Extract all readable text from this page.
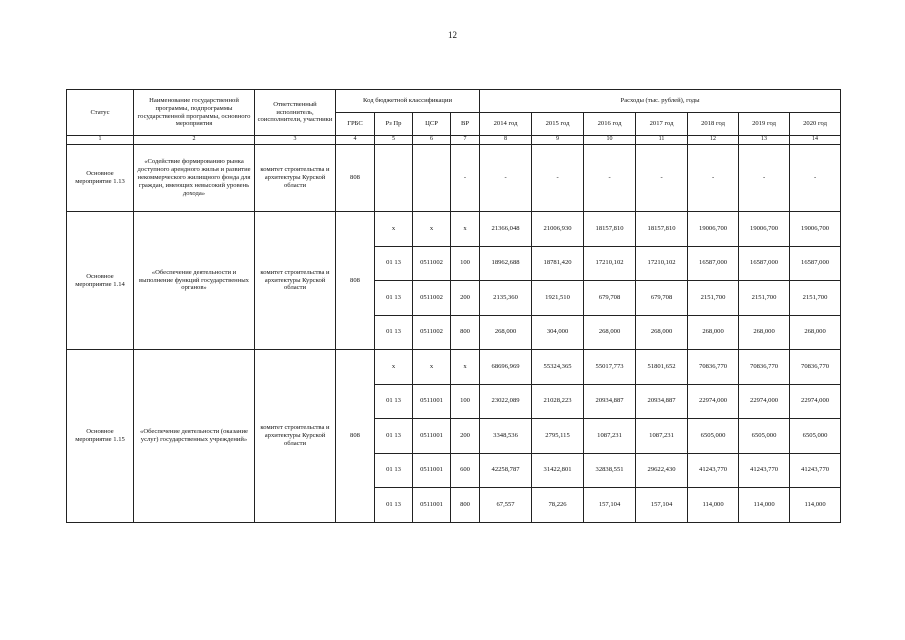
12
Статус	Наименование государственной программы, подпрограммы государственной программы, основного мероприятия	Ответственный исполнитель, соисполнители, участники	Код бюджетной классификации				Расходы (тыс. рублей), годы						
			ГРБС	Рз Пр	ЦСР	ВР	2014 год	2015 год	2016 год	2017 год	2018 год	2019 год	2020 год
1	2	3	4	5	6	7	8	9	10	11	12	13	14
Основное мероприятие 1.13	«Содействие формированию рынка доступного арендного жилья и развитие некоммерческого жилищного фонда для граждан, имеющих невысокий уровень дохода»	комитет строительства и архитектуры Курской области	808			-	-	-	-	-	-	-	-
Основное мероприятие 1.14	«Обеспечение деятельности и выполнение функций государственных органов»	комитет строительства и архитектуры Курской области	808	х	х	х	21366,048	21006,930	18157,810	18157,810	19006,700	19006,700	19006,700
				01 13	0511002	100	18962,688	18781,420	17210,102	17210,102	16587,000	16587,000	16587,000
				01 13	0511002	200	2135,360	1921,510	679,708	679,708	2151,700	2151,700	2151,700
				01 13	0511002	800	268,000	304,000	268,000	268,000	268,000	268,000	268,000
Основное мероприятие 1.15	«Обеспечение деятельности (оказание услуг) государственных учреждений»	комитет строительства и архитектуры Курской области	808	х	х	х	68696,969	55324,365	55017,773	51801,652	70836,770	70836,770	70836,770
				01 13	0511001	100	23022,089	21028,223	20934,887	20934,887	22974,000	22974,000	22974,000
				01 13	0511001	200	3348,536	2795,115	1087,231	1087,231	6505,000	6505,000	6505,000
				01 13	0511001	600	42258,787	31422,801	32838,551	29622,430	41243,770	41243,770	41243,770
				01 13	0511001	800	67,557	78,226	157,104	157,104	114,000	114,000	114,000
